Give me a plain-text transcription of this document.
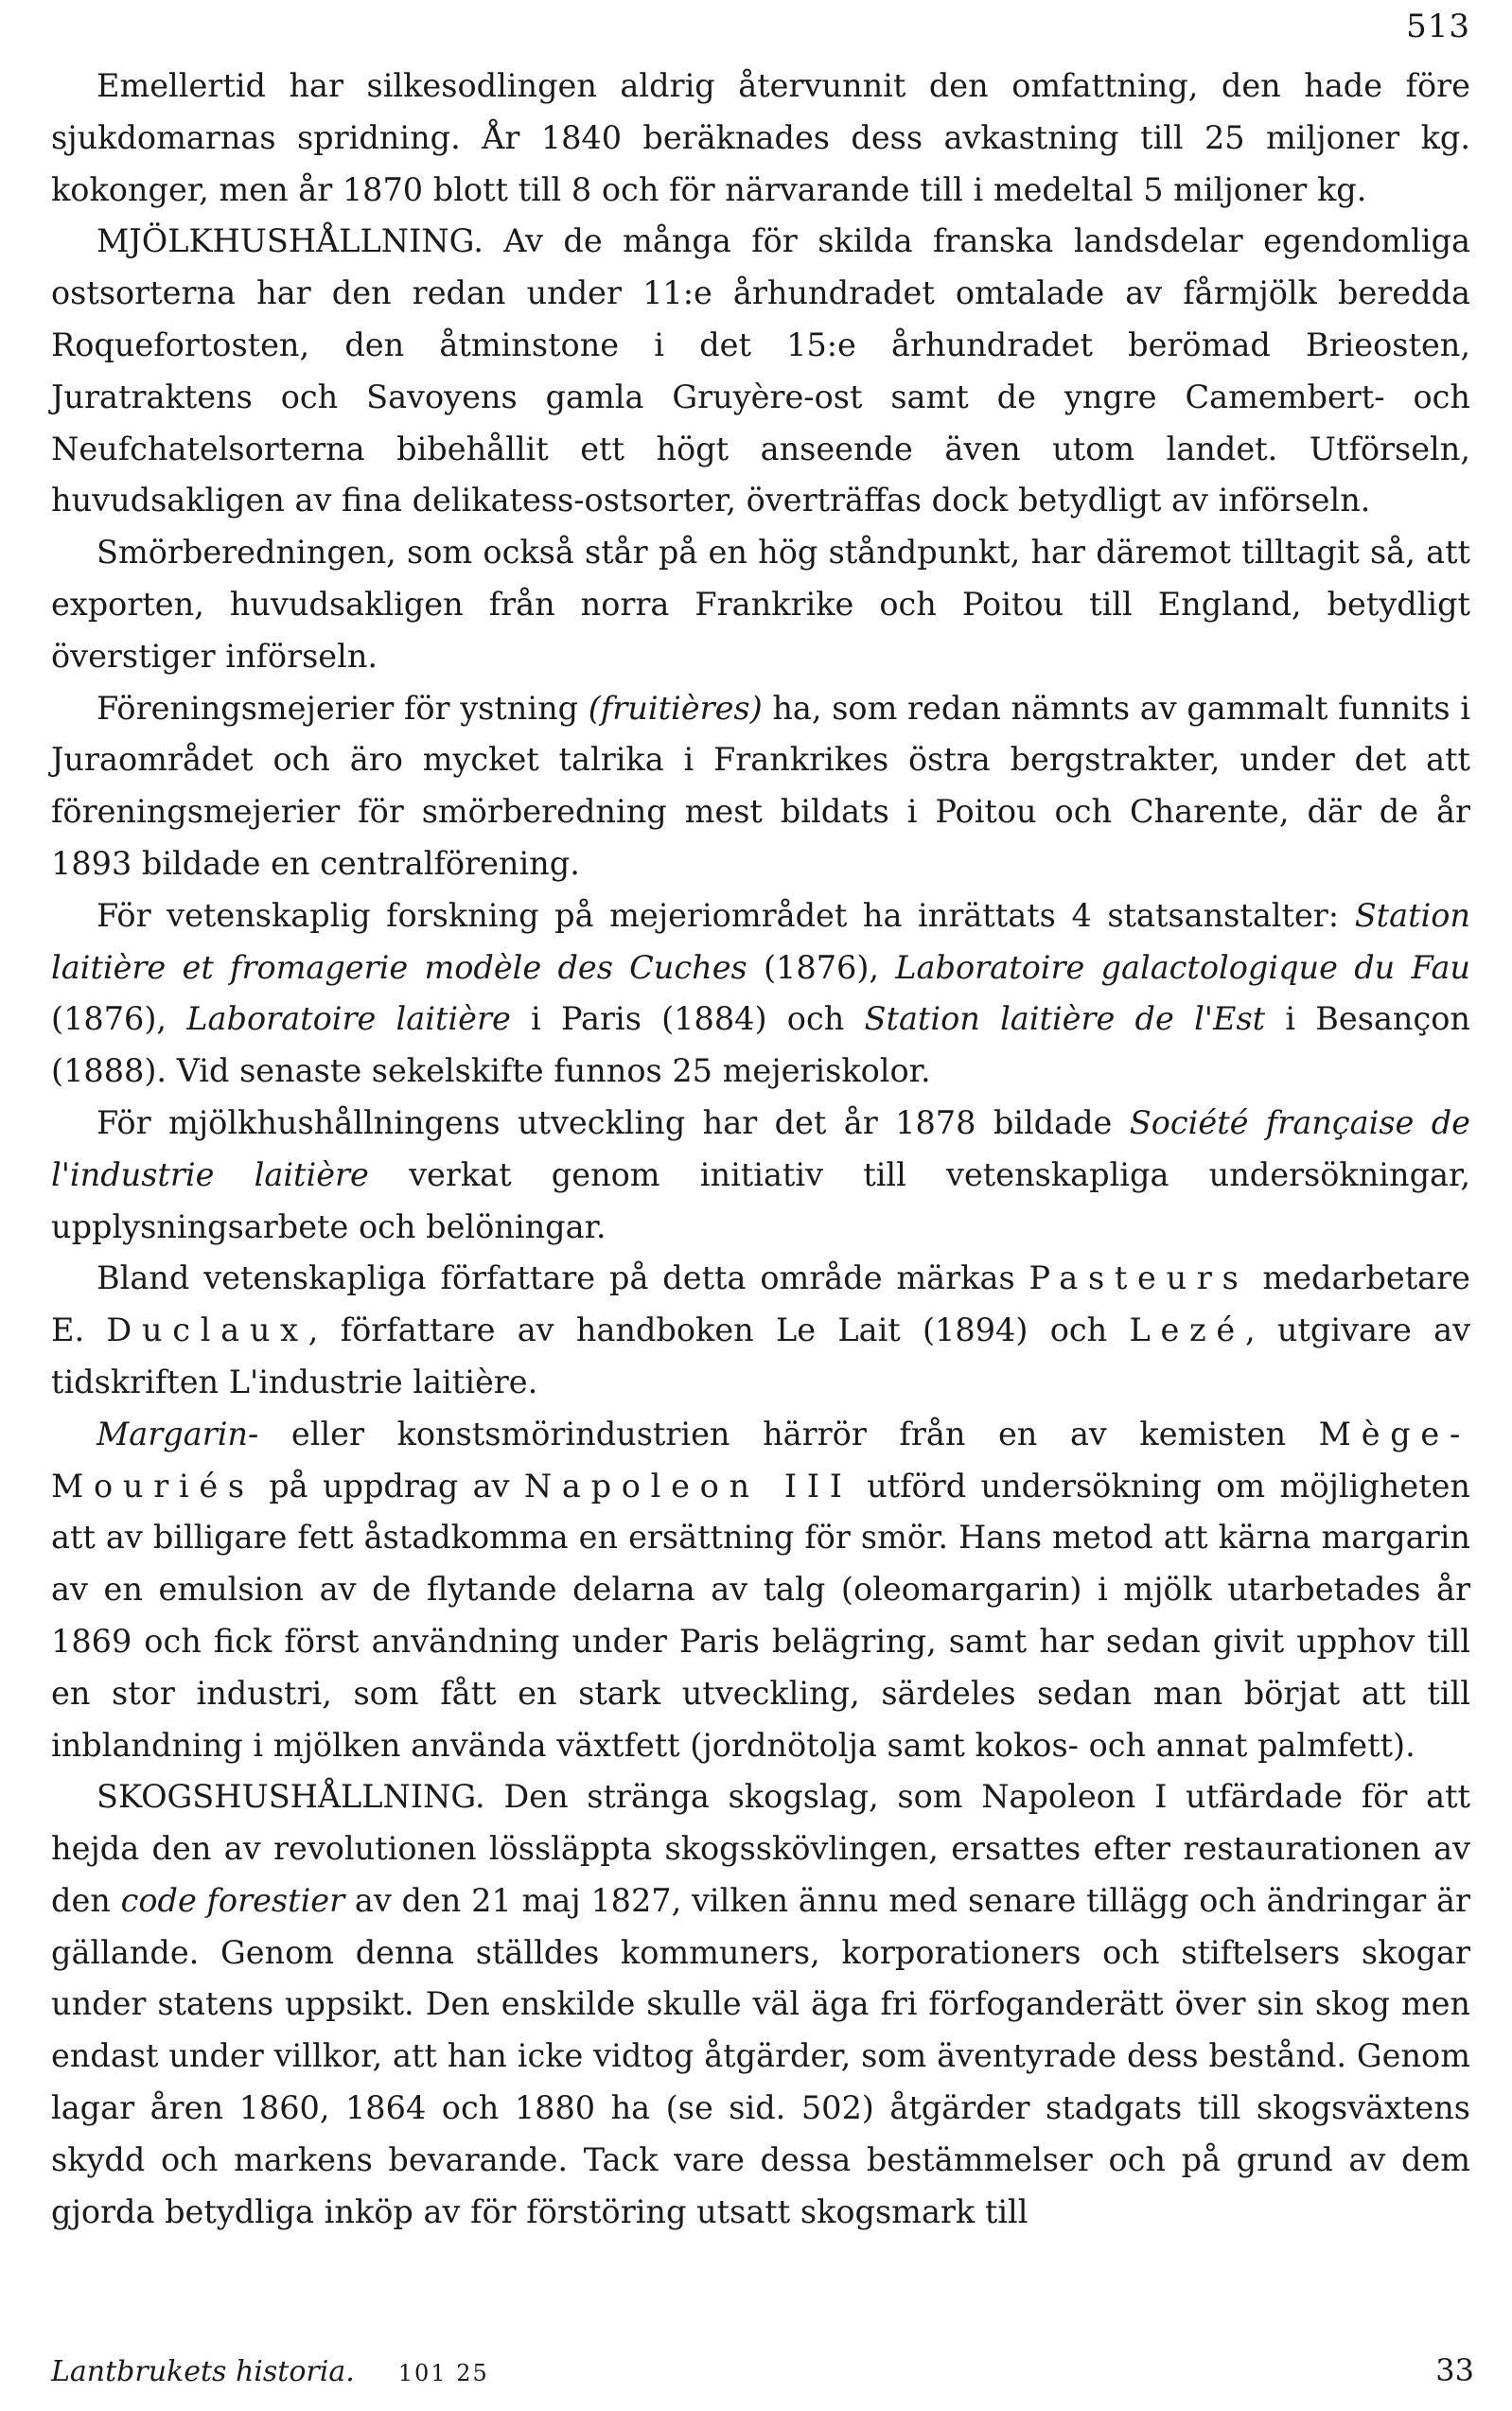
513

Emellertid har silkesodlingen aldrig återvunnit den omfattning, den hade före sjukdomarnas spridning. År 1840 beräknades dess avkastning till 25 miljoner kg. kokonger, men år 1870 blott till 8 och för närvarande till i medeltal 5 miljoner kg.

MJÖLKHUSHÅLLNING. Av de många för skilda franska landsdelar egendomliga ostsorterna har den redan under 11:e århundradet omtalade av fårmjölk beredda Roquefortosten, den åtminstone i det 15:e århundradet berömad Brieosten, Juratraktens och Savoyens gamla Gruyère-ost samt de yngre Camembert- och Neufchatelsorterna bibehållit ett högt anseende även utom landet. Utförseln, huvudsakligen av fina delikatess-ostsorter, överträffas dock betydligt av införseln.

Smörberedningen, som också står på en hög ståndpunkt, har däremot tilltagit så, att exporten, huvudsakligen från norra Frankrike och Poitou till England, betydligt överstiger införseln.

Föreningsmejerier för ystning (fruitières) ha, som redan nämnts av gammalt funnits i Juraområdet och äro mycket talrika i Frankrikes östra bergstrakter, under det att föreningsmejerier för smörberedning mest bildats i Poitou och Charente, där de år 1893 bildade en centralförening.

För vetenskaplig forskning på mejeriområdet ha inrättats 4 statsanstalter: Station laitière et fromagerie modèle des Cuches (1876), Laboratoire galactologique du Fau (1876), Laboratoire laitière i Paris (1884) och Station laitière de l'Est i Besançon (1888). Vid senaste sekelskifte funnos 25 mejeriskolor.

För mjölkhushållningens utveckling har det år 1878 bildade Société française de l'industrie laitière verkat genom initiativ till vetenskapliga undersökningar, upplysningsarbete och belöningar.

Bland vetenskapliga författare på detta område märkas Pasteurs medarbetare E. Duclaux, författare av handboken Le Lait (1894) och Lezé, utgivare av tidskriften L'industrie laitière.

Margarin- eller konstsmörindustrien härrör från en av kemisten Mège-Mouriés på uppdrag av Napoleon III utförd undersökning om möjligheten att av billigare fett åstadkomma en ersättning för smör. Hans metod att kärna margarin av en emulsion av de flytande delarna av talg (oleomargarin) i mjölk utarbetades år 1869 och fick först användning under Paris belägring, samt har sedan givit upphov till en stor industri, som fått en stark utveckling, särdeles sedan man börjat att till inblandning i mjölken använda växtfett (jordnötolja samt kokos- och annat palmfett).

SKOGSHUSHÅLLNING. Den stränga skogslag, som Napoleon I utfärdade för att hejda den av revolutionen lössläppta skogsskövlingen, ersattes efter restaurationen av den code forestier av den 21 maj 1827, vilken ännu med senare tillägg och ändringar är gällande. Genom denna ställdes kommuners, korporationers och stiftelsers skogar under statens uppsikt. Den enskilde skulle väl äga fri förfoganderätt över sin skog men endast under villkor, att han icke vidtog åtgärder, som äventyrade dess bestånd. Genom lagar åren 1860, 1864 och 1880 ha (se sid. 502) åtgärder stadgats till skogsväxtens skydd och markens bevarande. Tack vare dessa bestämmelser och på grund av dem gjorda betydliga inköp av för förstöring utsatt skogsmark till

Lantbrukets historia. 101 25	33
